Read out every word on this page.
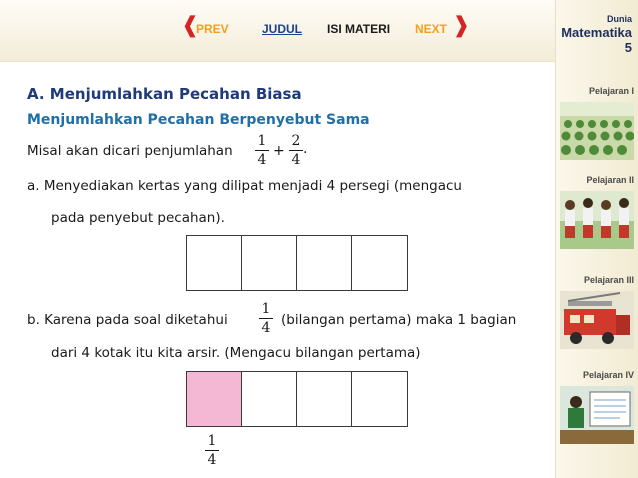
❰
PREV	JUDUL ISI MATERI NEXT ❱	Dunia
Matematika 5
Pelajaran I
Pelajaran II
Pelajaran III
Pelajaran IV
A. Menjumlahkan Pecahan Biasa
Menjumlahkan Pecahan Berpenyebut Sama
Misal akan dicari penjumlahan
1
4
+
2
4
.
a. Menyediakan kertas yang dilipat menjadi 4 persegi (mengacu
pada penyebut pecahan).
b. Karena pada soal diketahui
1
4 (bilangan pertama) maka 1 bagian
dari 4 kotak itu kita arsir. (Mengacu bilangan pertama)
1
4
